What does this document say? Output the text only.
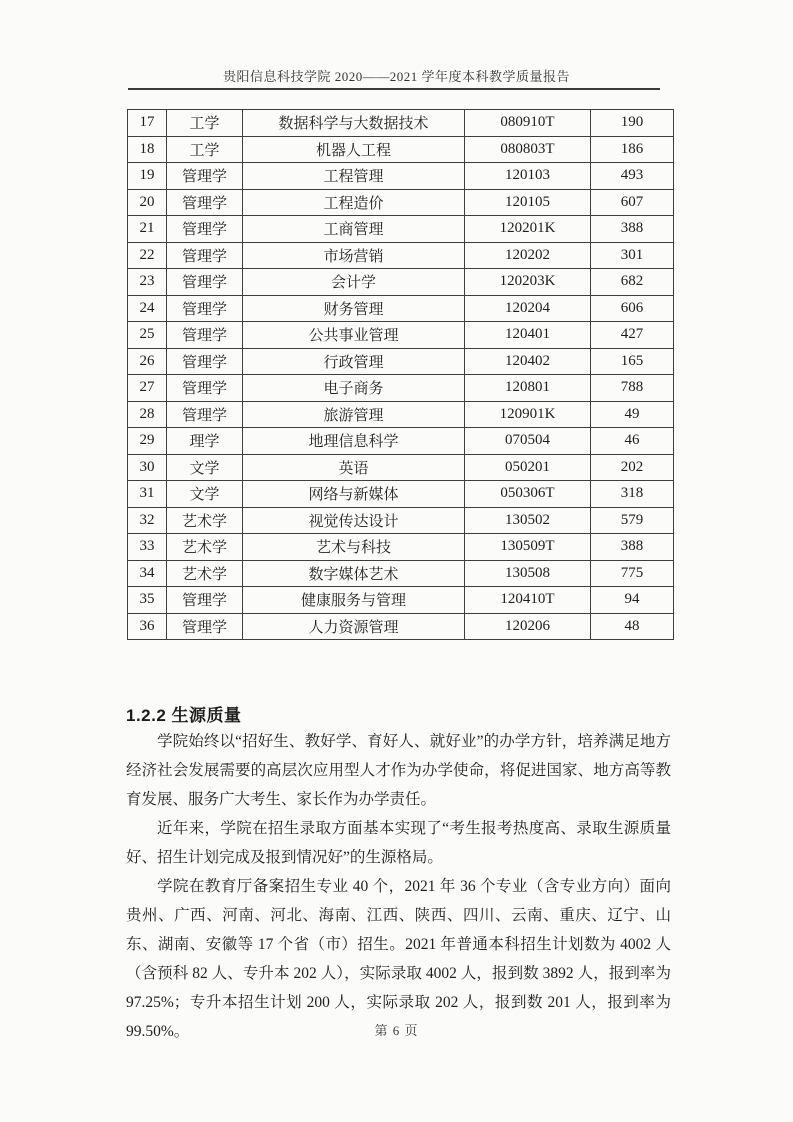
贵阳信息科技学院 2020——2021 学年度本科教学质量报告
17	工学	数据科学与大数据技术	080910T	190
18	工学	机器人工程	080803T	186
19	管理学	工程管理	120103	493
20	管理学	工程造价	120105	607
21	管理学	工商管理	120201K	388
22	管理学	市场营销	120202	301
23	管理学	会计学	120203K	682
24	管理学	财务管理	120204	606
25	管理学	公共事业管理	120401	427
26	管理学	行政管理	120402	165
27	管理学	电子商务	120801	788
28	管理学	旅游管理	120901K	49
29	理学	地理信息科学	070504	46
30	文学	英语	050201	202
31	文学	网络与新媒体	050306T	318
32	艺术学	视觉传达设计	130502	579
33	艺术学	艺术与科技	130509T	388
34	艺术学	数字媒体艺术	130508	775
35	管理学	健康服务与管理	120410T	94
36	管理学	人力资源管理	120206	48
1.2.2 生源质量

学院始终以“招好生、教好学、育好人、就好业”的办学方针，培养满足地方经济社会发展需要的高层次应用型人才作为办学使命，将促进国家、地方高等教育发展、服务广大考生、家长作为办学责任。

近年来，学院在招生录取方面基本实现了“考生报考热度高、录取生源质量好、招生计划完成及报到情况好”的生源格局。

学院在教育厅备案招生专业 40 个，2021 年 36 个专业（含专业方向）面向贵州、广西、河南、河北、海南、江西、陕西、四川、云南、重庆、辽宁、山东、湖南、安徽等 17 个省（市）招生。2021 年普通本科招生计划数为 4002 人（含预科 82 人、专升本 202 人），实际录取 4002 人，报到数 3892 人，报到率为 97.25%；专升本招生计划 200 人，实际录取 202 人，报到数 201 人，报到率为 99.50%。	第 6 页
